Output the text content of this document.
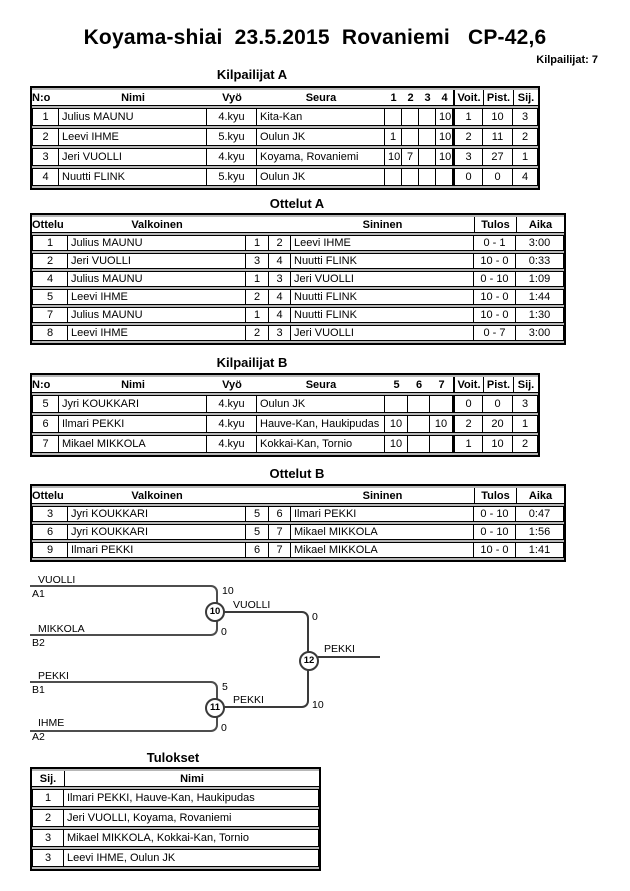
Koyama-shiai  23.5.2015  Rovaniemi   CP-42,6
Kilpailijat: 7
Kilpailijat A
N:o	Nimi	Vyö	Seura	1	2	3	4	Voit.	Pist.	Sij.
1	Julius MAUNU	4.kyu	Kita-Kan				10	1	10	3
2	Leevi IHME	5.kyu	Oulun JK	1			10	2	11	2
3	Jeri VUOLLI	4.kyu	Koyama, Rovaniemi	10	7		10	3	27	1
4	Nuutti FLINK	5.kyu	Oulun JK					0	0	4
Ottelut A
Ottelu	Valkoinen			Sininen	Tulos	Aika
1	Julius MAUNU	1	2	Leevi IHME	0 - 1	3:00
2	Jeri VUOLLI	3	4	Nuutti FLINK	10 - 0	0:33
4	Julius MAUNU	1	3	Jeri VUOLLI	0 - 10	1:09
5	Leevi IHME	2	4	Nuutti FLINK	10 - 0	1:44
7	Julius MAUNU	1	4	Nuutti FLINK	10 - 0	1:30
8	Leevi IHME	2	3	Jeri VUOLLI	0 - 7	3:00
Kilpailijat B
N:o	Nimi	Vyö	Seura	5	6	7	Voit.	Pist.	Sij.
5	Jyri KOUKKARI	4.kyu	Oulun JK				0	0	3
6	Ilmari PEKKI	4.kyu	Hauve-Kan, Haukipudas	10		10	2	20	1
7	Mikael MIKKOLA	4.kyu	Kokkai-Kan, Tornio	10			1	10	2
Ottelut B
Ottelu	Valkoinen			Sininen	Tulos	Aika
3	Jyri KOUKKARI	5	6	Ilmari PEKKI	0 - 10	0:47
6	Jyri KOUKKARI	5	7	Mikael MIKKOLA	0 - 10	1:56
9	Ilmari PEKKI	6	7	Mikael MIKKOLA	10 - 0	1:41
VUOLLI
A1
MIKKOLA
B2
10
0
10
VUOLLI
0
PEKKI
B1
IHME
A2
5
0
11
PEKKI	10
12
PEKKI
Tulokset
Sij.	Nimi
1	Ilmari PEKKI, Hauve-Kan, Haukipudas
2	Jeri VUOLLI, Koyama, Rovaniemi
3	Mikael MIKKOLA, Kokkai-Kan, Tornio
3	Leevi IHME, Oulun JK
